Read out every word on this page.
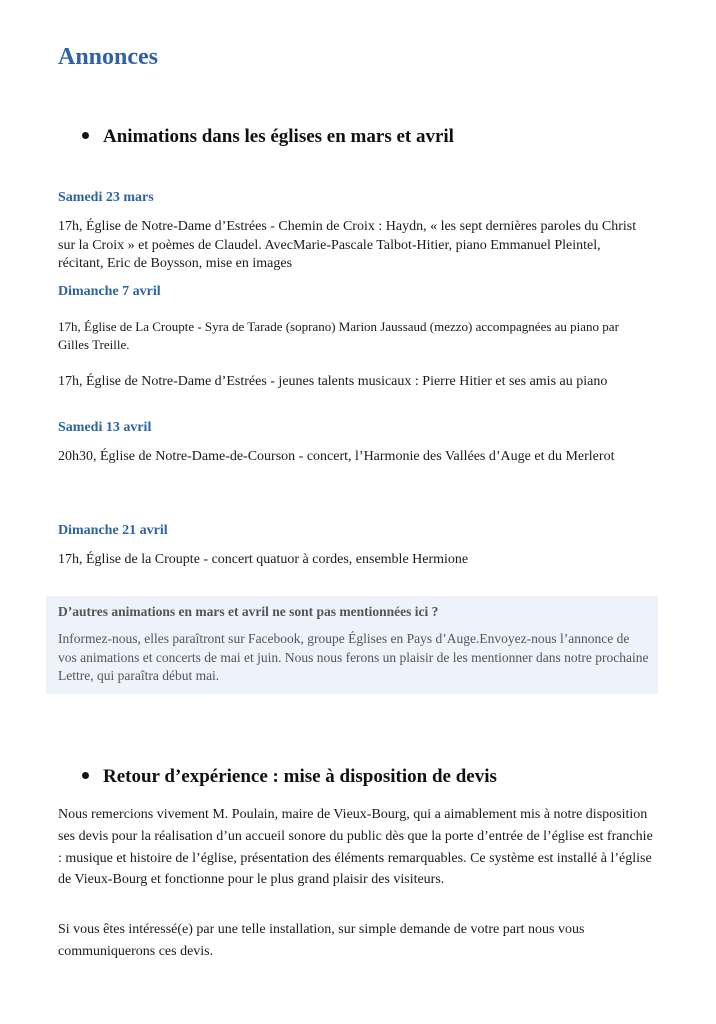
Annonces
Animations dans les églises en mars et avril

Samedi 23 mars

17h, Église de Notre-Dame d’Estrées - Chemin de Croix : Haydn, « les sept dernières paroles du Christ sur la Croix » et poèmes de Claudel. AvecMarie-Pascale Talbot-Hitier, piano Emmanuel Pleintel, récitant, Eric de Boysson, mise en images

Dimanche 7 avril

17h, Église de La Croupte - Syra de Tarade (soprano) Marion Jaussaud (mezzo) accompagnées au piano par Gilles Treille.

17h, Église de Notre-Dame d’Estrées - jeunes talents musicaux : Pierre Hitier et ses amis au piano

Samedi 13 avril

20h30, Église de Notre-Dame-de-Courson - concert, l’Harmonie des Vallées d’Auge et du Merlerot

Dimanche 21 avril

17h, Église de la Croupte - concert quatuor à cordes, ensemble Hermione

D’autres animations en mars et avril ne sont pas mentionnées ici ?

Informez-nous, elles paraîtront sur Facebook, groupe Églises en Pays d’Auge.Envoyez-nous l’annonce de vos animations et concerts de mai et juin. Nous nous ferons un plaisir de les mentionner dans notre prochaine Lettre, qui paraîtra début mai.

Retour d’expérience : mise à disposition de devis

Nous remercions vivement M. Poulain, maire de Vieux-Bourg, qui a aimablement mis à notre disposition ses devis pour la réalisation d’un accueil sonore du public dès que la porte d’entrée de l’église est franchie : musique et histoire de l’église, présentation des éléments remarquables. Ce système est installé à l’église de Vieux-Bourg et fonctionne pour le plus grand plaisir des visiteurs.

Si vous êtes intéressé(e) par une telle installation, sur simple demande de votre part nous vous communiquerons ces devis.
